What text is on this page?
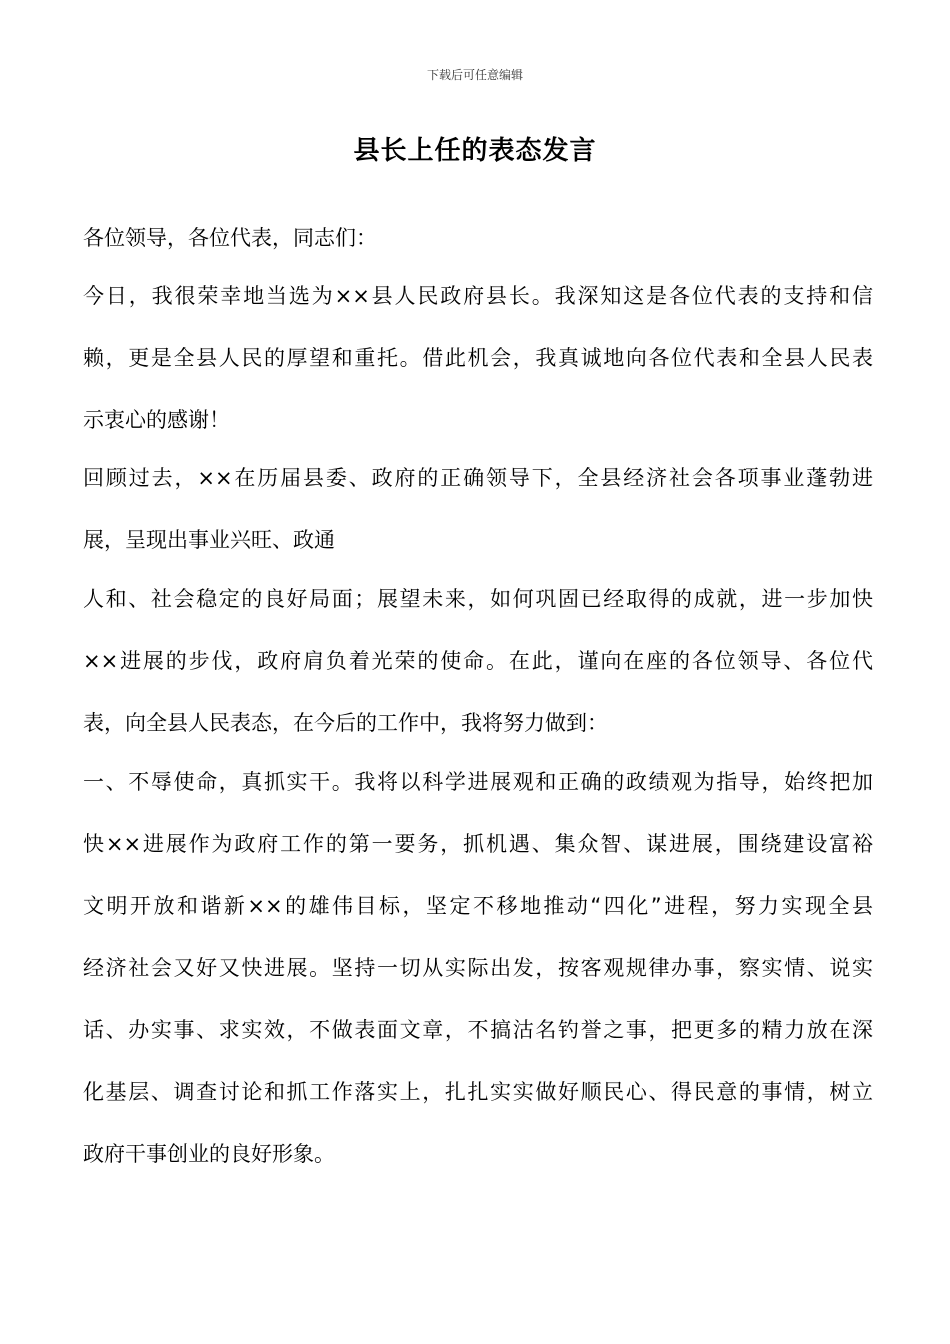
下载后可任意编辑
县长上任的表态发言
各位领导，各位代表，同志们：
今日，我很荣幸地当选为××县人民政府县长。我深知这是各位代表的支持和信
赖，更是全县人民的厚望和重托。借此机会，我真诚地向各位代表和全县人民表
示衷心的感谢！
回顾过去，××在历届县委、政府的正确领导下，全县经济社会各项事业蓬勃进
展，呈现出事业兴旺、政通
人和、社会稳定的良好局面；展望未来，如何巩固已经取得的成就，进一步加快
××进展的步伐，政府肩负着光荣的使命。在此，谨向在座的各位领导、各位代
表，向全县人民表态，在今后的工作中，我将努力做到：
一、不辱使命，真抓实干。我将以科学进展观和正确的政绩观为指导，始终把加
快××进展作为政府工作的第一要务，抓机遇、集众智、谋进展，围绕建设富裕
文明开放和谐新××的雄伟目标，坚定不移地推动“四化”进程，努力实现全县
经济社会又好又快进展。坚持一切从实际出发，按客观规律办事，察实情、说实
话、办实事、求实效，不做表面文章，不搞沽名钓誉之事，把更多的精力放在深
化基层、调查讨论和抓工作落实上，扎扎实实做好顺民心、得民意的事情，树立
政府干事创业的良好形象。
